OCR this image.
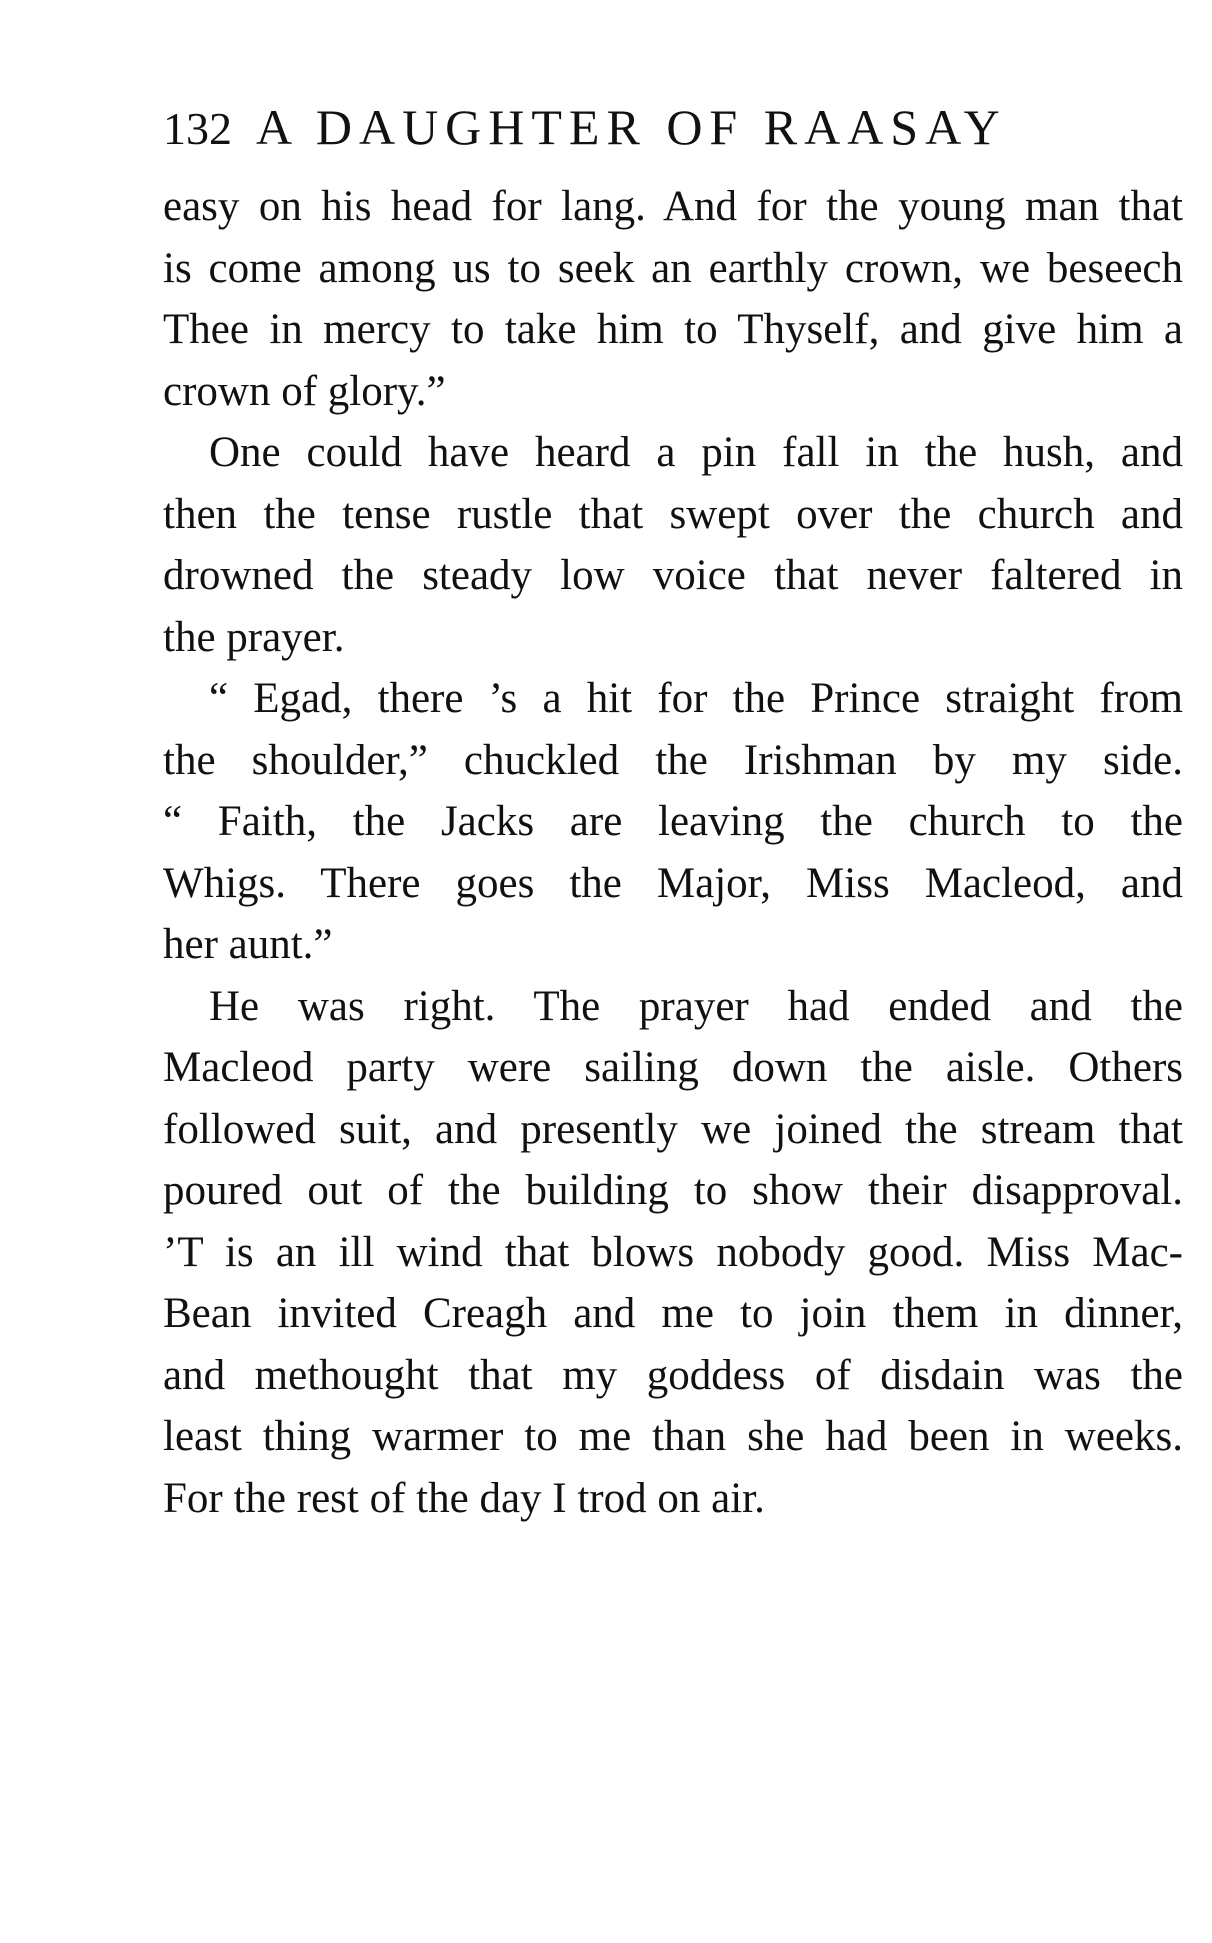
132 A DAUGHTER OF RAASAY
easy on his head for lang. And for the young man that
is come among us to seek an earthly crown, we beseech
Thee in mercy to take him to Thyself, and give him a
crown of glory.”
One could have heard a pin fall in the hush, and
then the tense rustle that swept over the church and
drowned the steady low voice that never faltered in
the prayer.
“ Egad, there ’s a hit for the Prince straight from
the shoulder,” chuckled the Irishman by my side.
“ Faith, the Jacks are leaving the church to the
Whigs. There goes the Major, Miss Macleod, and
her aunt.”
He was right. The prayer had ended and the
Macleod party were sailing down the aisle. Others
followed suit, and presently we joined the stream that
poured out of the building to show their disapproval.
’T is an ill wind that blows nobody good. Miss Mac-
Bean invited Creagh and me to join them in dinner,
and methought that my goddess of disdain was the
least thing warmer to me than she had been in weeks.
For the rest of the day I trod on air.
